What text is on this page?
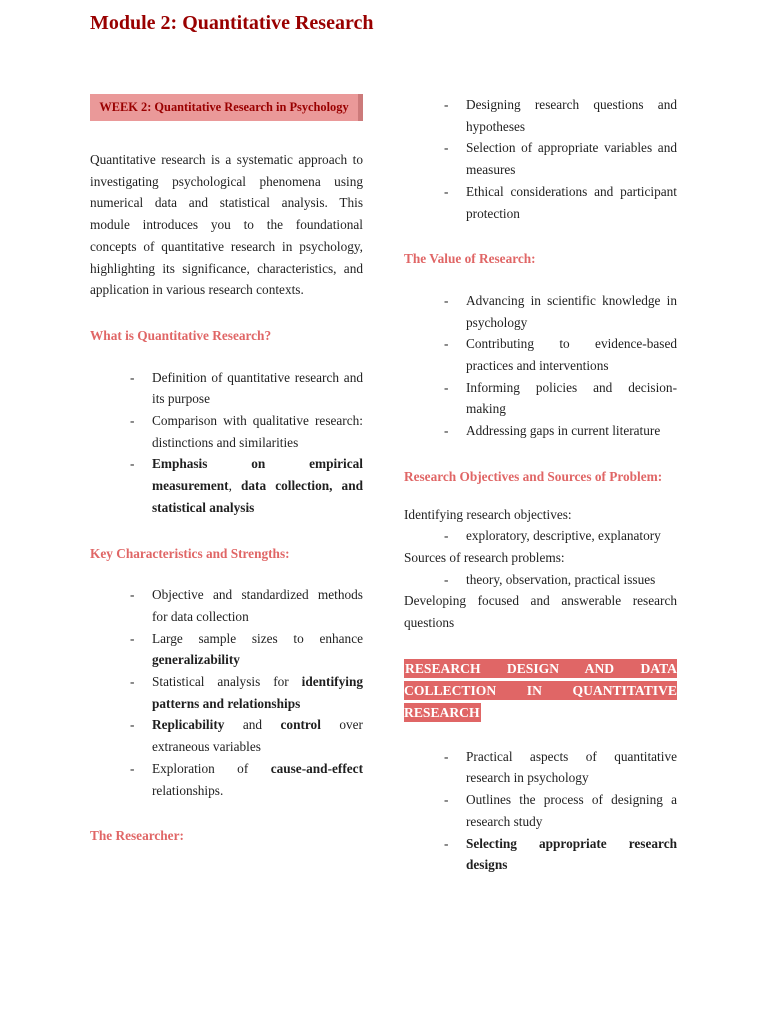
Module 2: Quantitative Research
WEEK 2: Quantitative Research in Psychology
Quantitative research is a systematic approach to investigating psychological phenomena using numerical data and statistical analysis. This module introduces you to the foundational concepts of quantitative research in psychology, highlighting its significance, characteristics, and application in various research contexts.
What is Quantitative Research?
-	Definition of quantitative research and its purpose
-	Comparison with qualitative research: distinctions and similarities
-	Emphasis on empirical measurement, data collection, and statistical analysis
Key Characteristics and Strengths:
-	Objective and standardized methods for data collection
-	Large sample sizes to enhance generalizability
-	Statistical analysis for identifying patterns and relationships
-	Replicability and control over extraneous variables
-	Exploration of cause-and-effect relationships.
The Researcher:
-	Designing research questions and hypotheses
-	Selection of appropriate variables and measures
-	Ethical considerations and participant protection
The Value of Research:
-	Advancing in scientific knowledge in psychology
-	Contributing to evidence-based practices and interventions
-	Informing policies and decision-making
-	Addressing gaps in current literature
Research Objectives and Sources of Problem:
Identifying research objectives:
-	exploratory, descriptive, explanatory
Sources of research problems:
-	theory, observation, practical issues
Developing focused and answerable research questions
RESEARCH DESIGN AND DATA COLLECTION IN QUANTITATIVE RESEARCH
-	Practical aspects of quantitative research in psychology
-	Outlines the process of designing a research study
-	Selecting appropriate research designs
